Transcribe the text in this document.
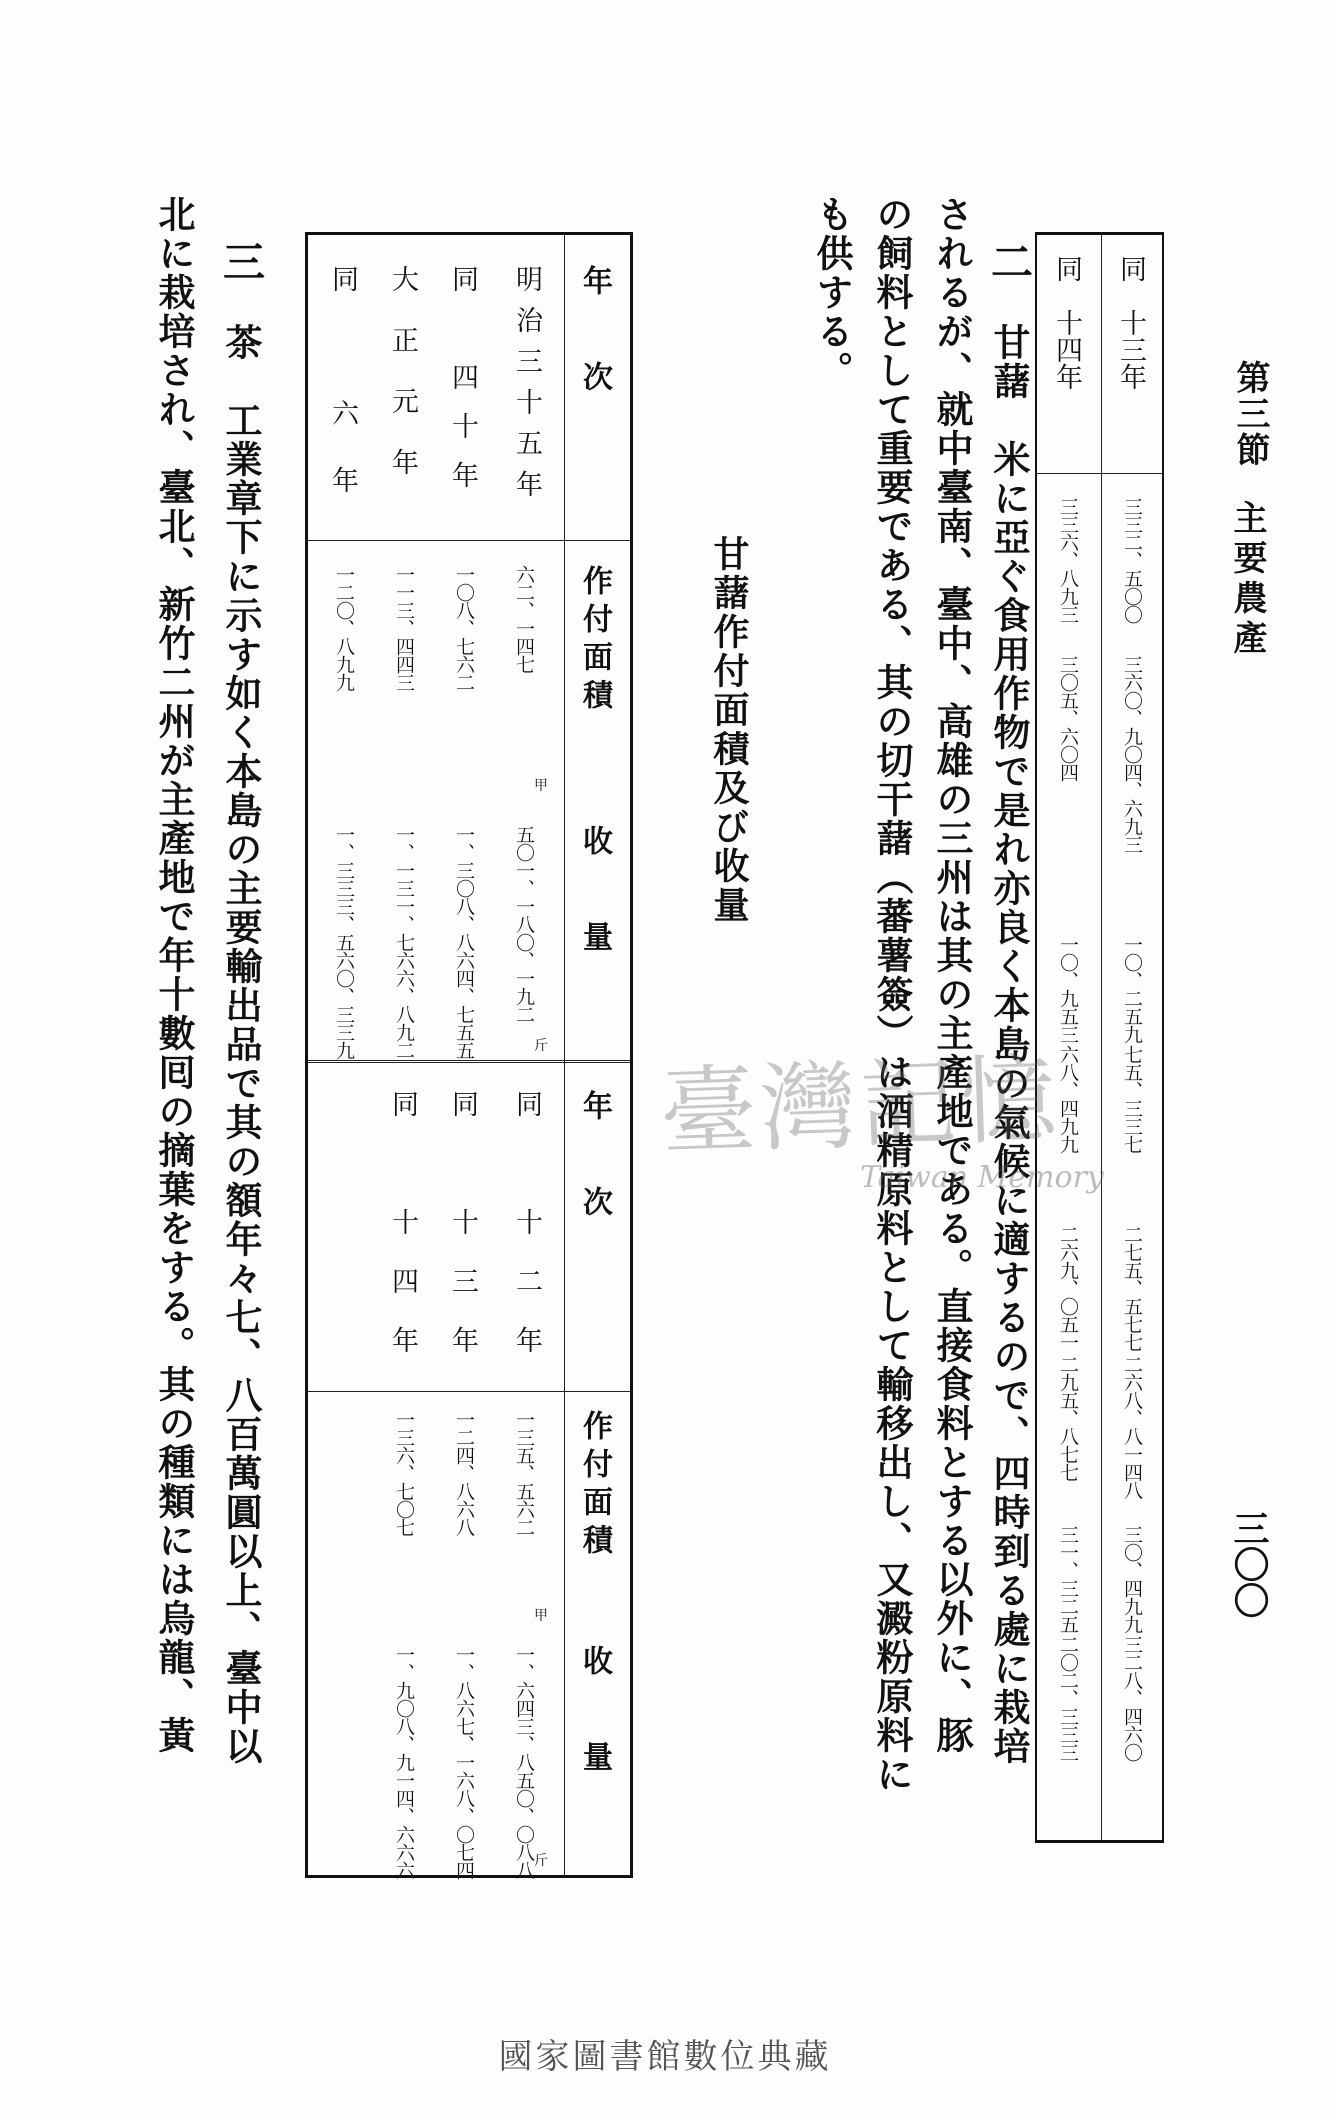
第三節
主要農產
三〇〇
同　十三年
三三二、五〇〇
三六〇、九〇四、六九三
一〇、二五九
七五、三三七
二七五、五七七
二六八、八一四八
三〇、四九九
三二八、四六〇
同　十四年
三三六、八九三
三〇五、六〇四
一〇、九五三
六八、四九九
二六九、〇五一
二九五、八七七
三一、三二五
二〇二、三三三
二　甘藷　米に亞ぐ食用作物で是れ亦良く本島の氣候に適するので、四時到る處に栽培
されるが、就中臺南、臺中、高雄の三州は其の主產地である。直接食料とする以外に、豚
の飼料として重要である、其の切干藷（蕃薯簽）は酒精原料として輸移出し、又澱粉原料に
も供する。
甘藷作付面積及び收量
年　次
作付面積
收　量
年　次
作付面積
收　量
甲
斤
甲
斤
明治三十五年
同　四十年
大正元年
同　六年
六二、一四七
一〇八、七六二
一一三、四四三
一二〇、八九九
五〇一、一八〇、一九二
一、三〇八、八六四、七五五
一、一三一、七六六、八九二
一、三三三、五六〇、三三九
同　十二年
同　十三年
同　十四年
一三五、五六二
一二四、八六八
一三六、七〇七
一、六四三、八五〇、〇八八
一、八六七、一六八、〇七四
一、九〇八、九一四、六六六
三　茶　工業章下に示す如く本島の主要輸出品で其の額年々七、八百萬圓以上、臺中以
北に栽培され、臺北、新竹二州が主產地で年十數囘の摘葉をする。其の種類には烏龍、黃	臺灣記憶
Taiwan Memory
國家圖書館數位典藏
